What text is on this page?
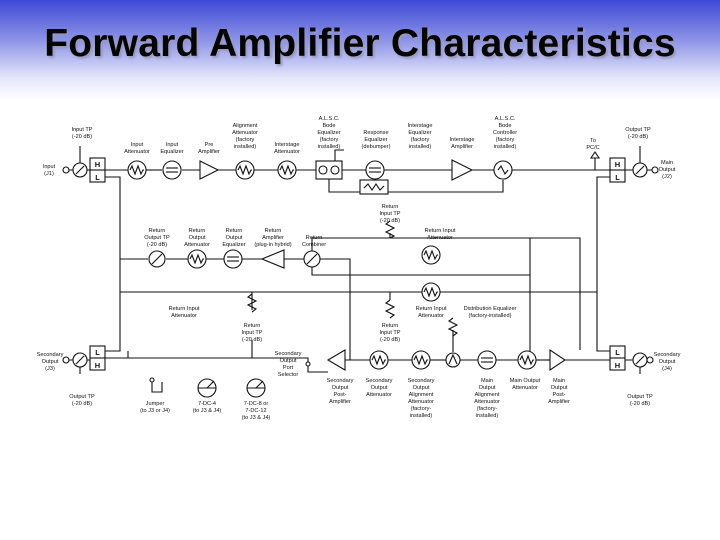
Forward Amplifier Characteristics
H
L
H
L
L
H
L
H
Input TP (-20 dB)
Input (J1)
Input Attenuator
Input Equalizer
Pre Amplifier
Alignment Attenuator (factory installed)	Interstage Attenuator
A.L.S.C. Bode Equalizer (factory installed)
Response Equalizer (debumper)
Interstage Equalizer (factory installed)
Interstage Amplifier
A.L.S.C. Bode Controller (factory installed)
To PC/C
Output TP (-20 dB)
Main Output (J2)
Return Output TP (-20 dB)
Return Output Attenuator
Return Output Equalizer
Return Amplifier (plug-in hybrid)
Return Combiner
Return Input TP (-20 dB)
Return Input Attenuator
Return Input Attenuator
Return Input Attenuator
Distribution Equalizer (factory-installed)
Return Input TP (-20 dB)
Return Input TP (-20 dB)
Secondary Output Port Selector
Secondary Output (J3)
Output TP (-20 dB)
Secondary Output Post-Amplifier
Secondary Output Attenuator
Secondary Output Alignment Attenuator (factory-installed)
Main Output Alignment Attenuator (factory-installed)
Main Output Attenuator
Main Output Post-Amplifier
Secondary Output (J4)
Output TP (-20 dB)
Jumper (to J3 or J4)
7-DC-4 (to J3 & J4)
7-DC-8 or 7-DC-12 (to J3 & J4)
